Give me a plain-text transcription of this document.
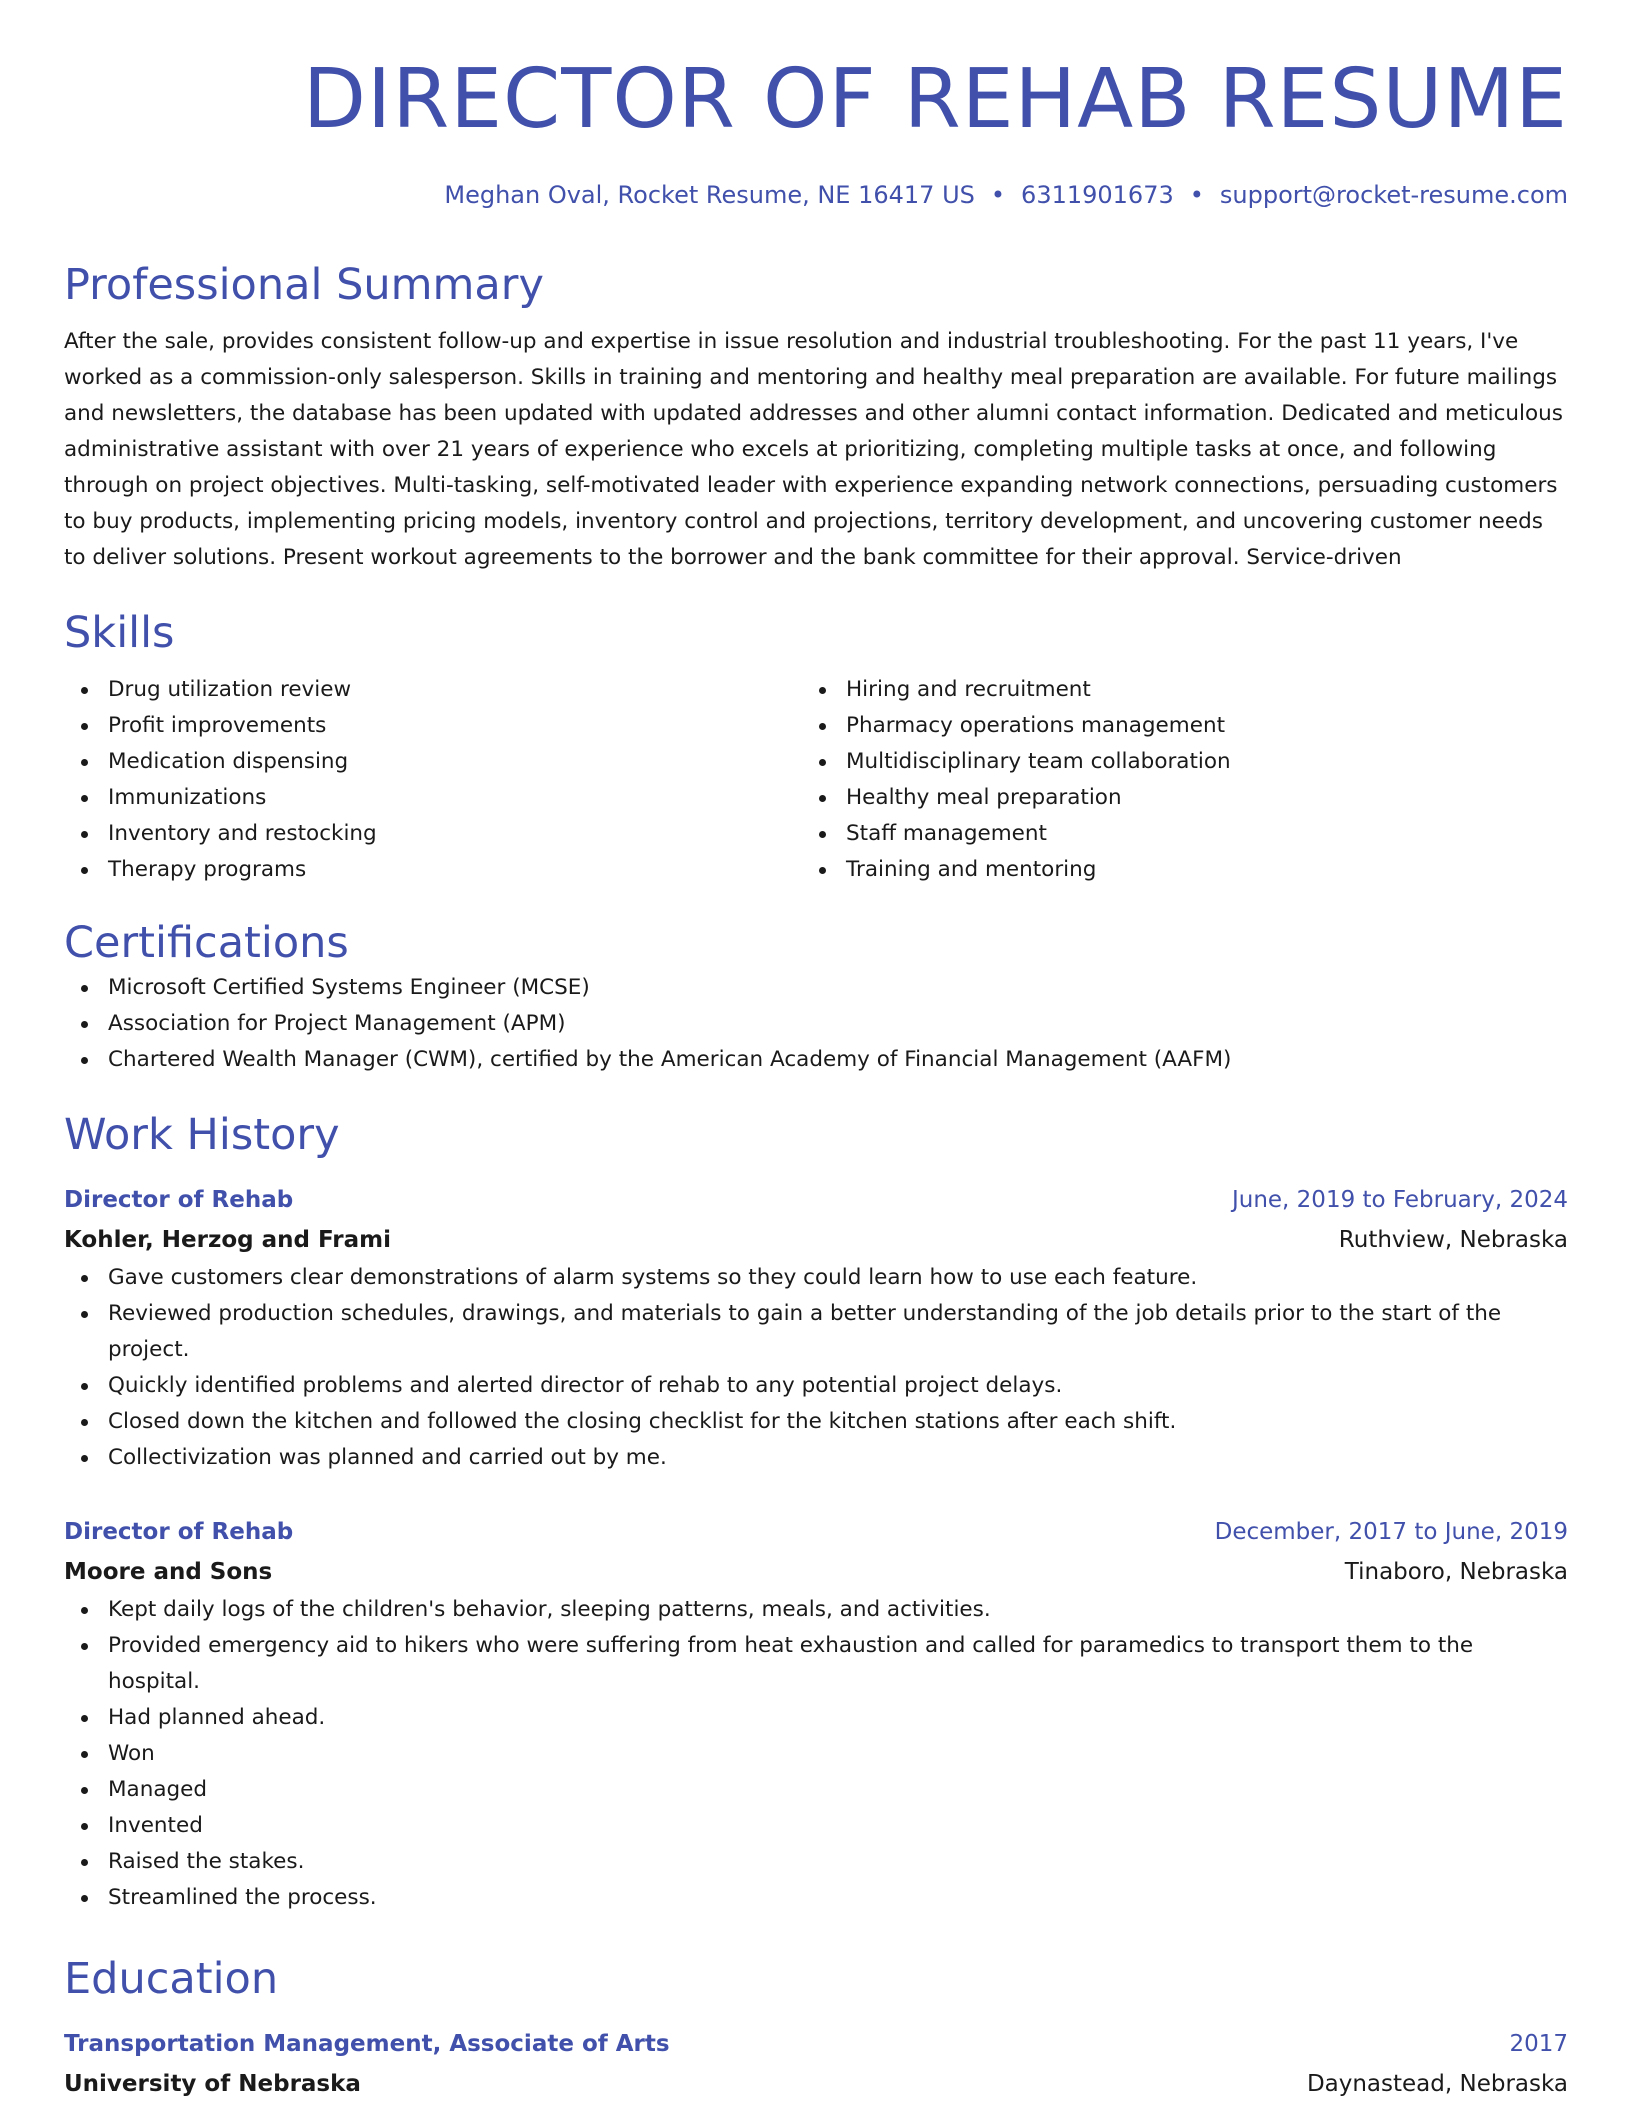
DIRECTOR OF REHAB RESUME
Meghan Oval, Rocket Resume, NE 16417 US • 6311901673 • support@rocket-resume.com
Professional Summary

After the sale, provides consistent follow-up and expertise in issue resolution and industrial troubleshooting. For the past 11 years, I've worked as a commission-only salesperson. Skills in training and mentoring and healthy meal preparation are available. For future mailings and newsletters, the database has been updated with updated addresses and other alumni contact information. Dedicated and meticulous administrative assistant with over 21 years of experience who excels at prioritizing, completing multiple tasks at once, and following through on project objectives. Multi-tasking, self-motivated leader with experience expanding network connections, persuading customers to buy products, implementing pricing models, inventory control and projections, territory development, and uncovering customer needs to deliver solutions. Present workout agreements to the borrower and the bank committee for their approval. Service-driven

Skills
Drug utilization review
Profit improvements
Medication dispensing
Immunizations
Inventory and restocking
Therapy programs
Hiring and recruitment
Pharmacy operations management
Multidisciplinary team collaboration
Healthy meal preparation
Staff management
Training and mentoring
Certifications
Microsoft Certified Systems Engineer (MCSE)
Association for Project Management (APM)
Chartered Wealth Manager (CWM), certified by the American Academy of Financial Management (AAFM)
Work History
Director of Rehab	June, 2019 to February, 2024
Kohler, Herzog and Frami	Ruthview, Nebraska
Gave customers clear demonstrations of alarm systems so they could learn how to use each feature.
Reviewed production schedules, drawings, and materials to gain a better understanding of the job details prior to the start of the project.
Quickly identified problems and alerted director of rehab to any potential project delays.
Closed down the kitchen and followed the closing checklist for the kitchen stations after each shift.
Collectivization was planned and carried out by me.
Director of Rehab	December, 2017 to June, 2019
Moore and Sons	Tinaboro, Nebraska
Kept daily logs of the children's behavior, sleeping patterns, meals, and activities.
Provided emergency aid to hikers who were suffering from heat exhaustion and called for paramedics to transport them to the hospital.
Had planned ahead.
Won
Managed
Invented
Raised the stakes.
Streamlined the process.
Education
Transportation Management, Associate of Arts	2017
University of Nebraska	Daynastead, Nebraska
